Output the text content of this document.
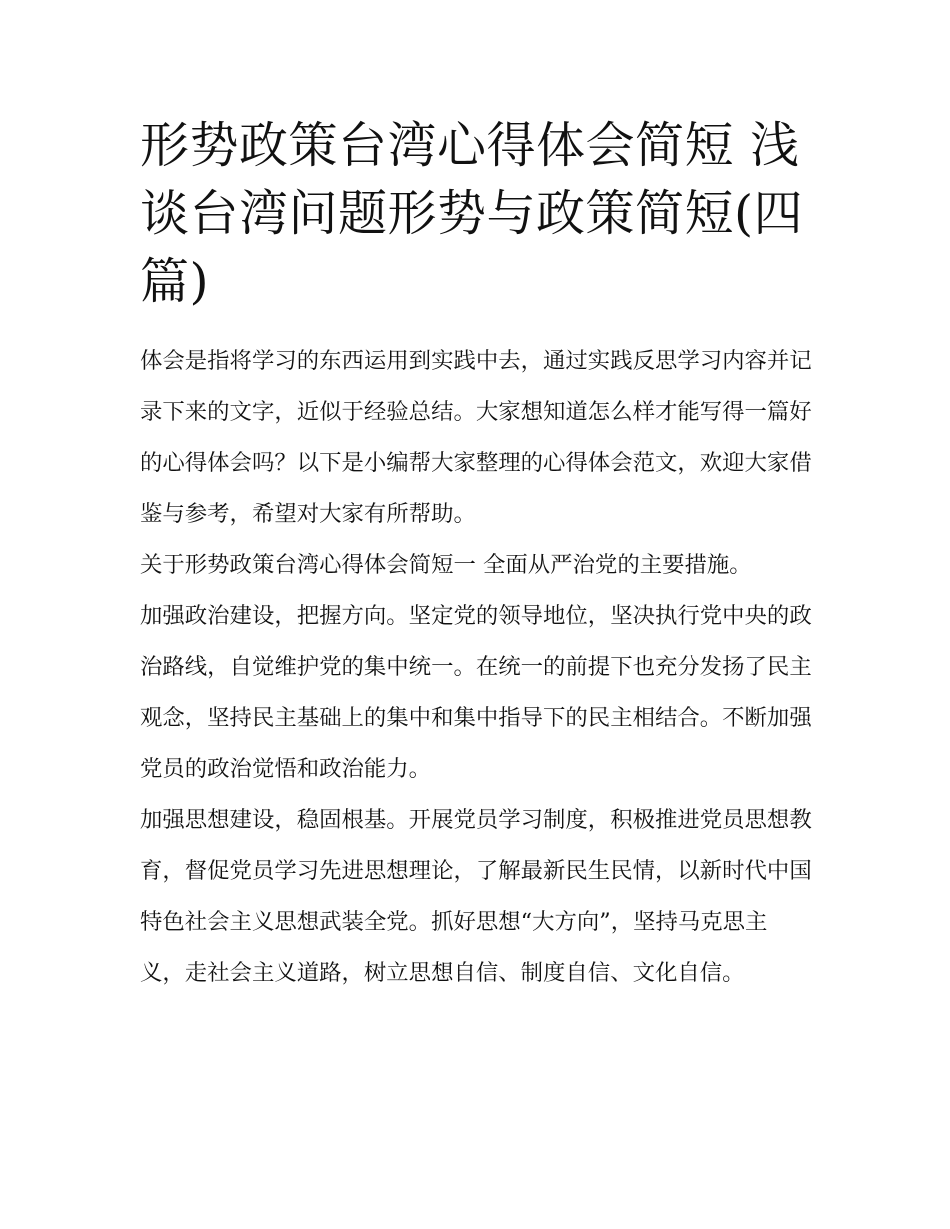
形势政策台湾心得体会简短 浅谈台湾问题形势与政策简短(四篇)

体会是指将学习的东西运用到实践中去，通过实践反思学习内容并记录下来的文字，近似于经验总结。大家想知道怎么样才能写得一篇好的心得体会吗？以下是小编帮大家整理的心得体会范文，欢迎大家借鉴与参考，希望对大家有所帮助。

关于形势政策台湾心得体会简短一 全面从严治党的主要措施。

加强政治建设，把握方向。坚定党的领导地位，坚决执行党中央的政治路线，自觉维护党的集中统一。在统一的前提下也充分发扬了民主观念，坚持民主基础上的集中和集中指导下的民主相结合。不断加强党员的政治觉悟和政治能力。

加强思想建设，稳固根基。开展党员学习制度，积极推进党员思想教育，督促党员学习先进思想理论，了解最新民生民情，以新时代中国特色社会主义思想武装全党。抓好思想“大方向”，坚持马克思主义，走社会主义道路，树立思想自信、制度自信、文化自信。
